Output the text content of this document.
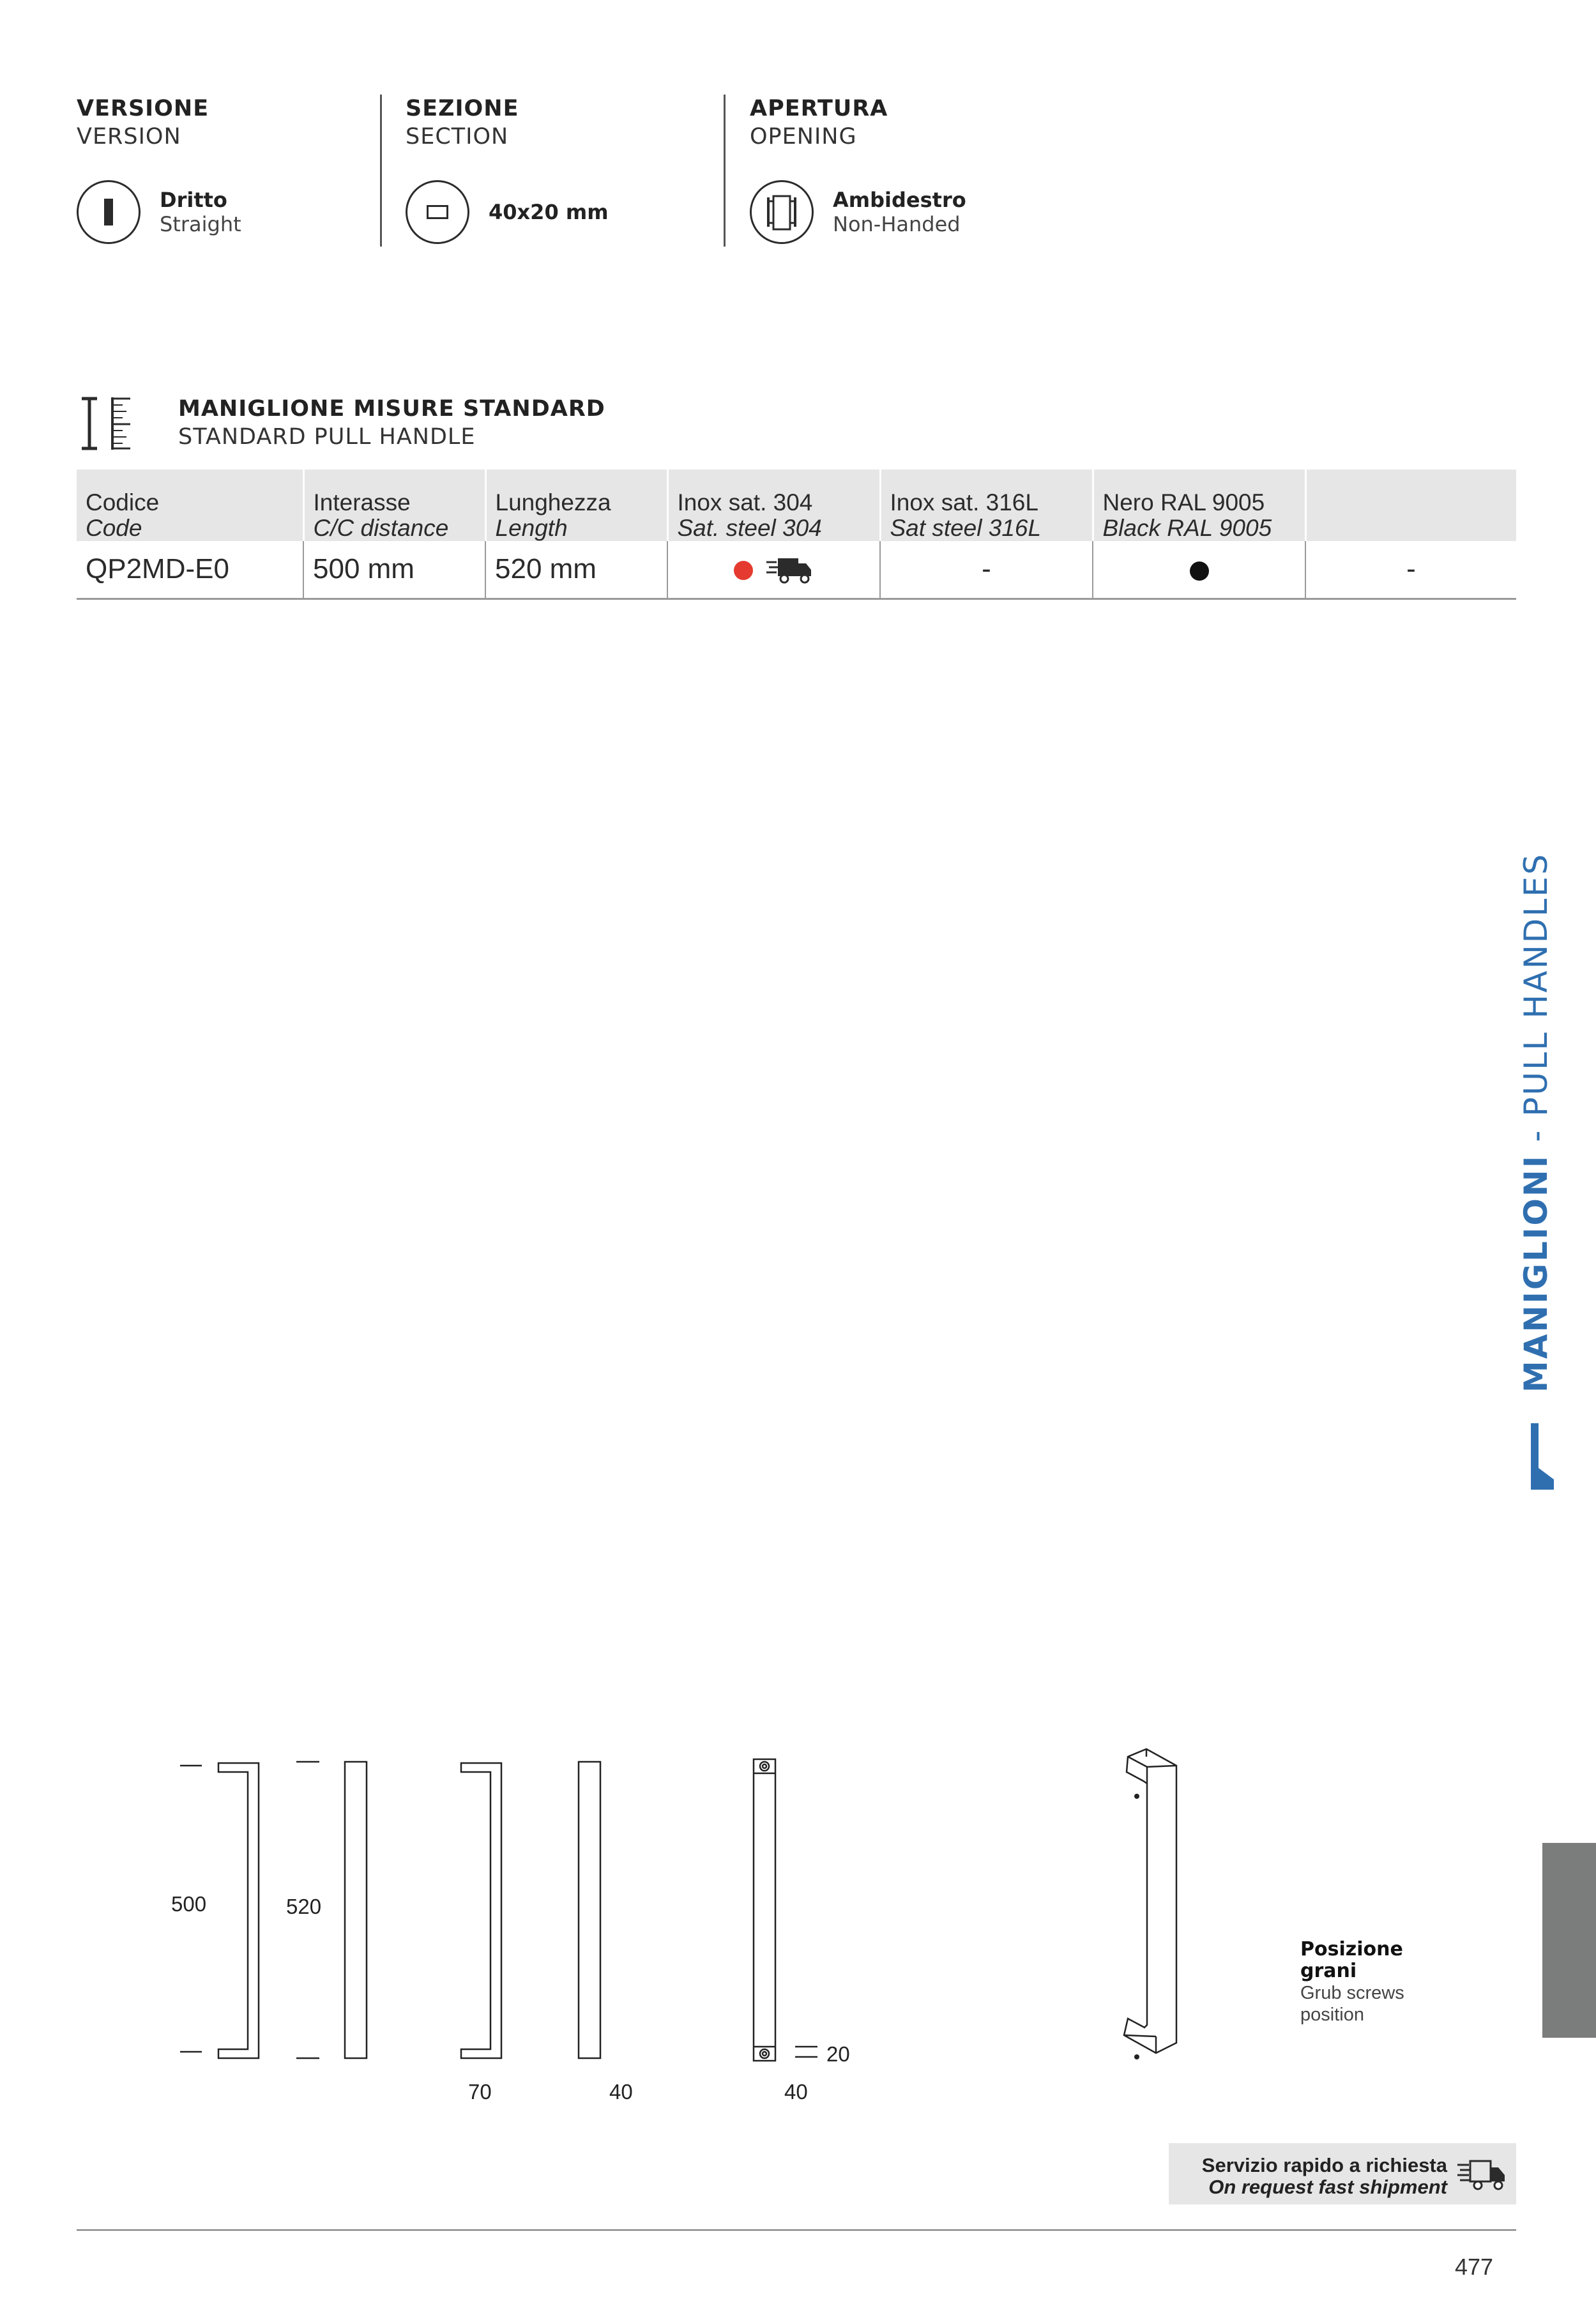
VERSIONE
VERSION
Dritto
Straight
SEZIONE
SECTION
40x20 mm
APERTURA
OPENING
Ambidestro
Non-Handed
MANIGLIONE MISURE STANDARD
STANDARD PULL HANDLE
Codice
Code	Interasse
C/C distance	Lunghezza
Length	Inox sat. 304
Sat. steel 304	Inox sat. 316L
Sat steel 316L	Nero RAL 9005
Black RAL 9005	

QP2MD-E0	500 mm	520 mm		-		-
MANIGLIONI - PULL HANDLES
500	520
70	40	40
20
Posizione
grani
Grub screws
position
Servizio rapido a richiesta
On request fast shipment
477
